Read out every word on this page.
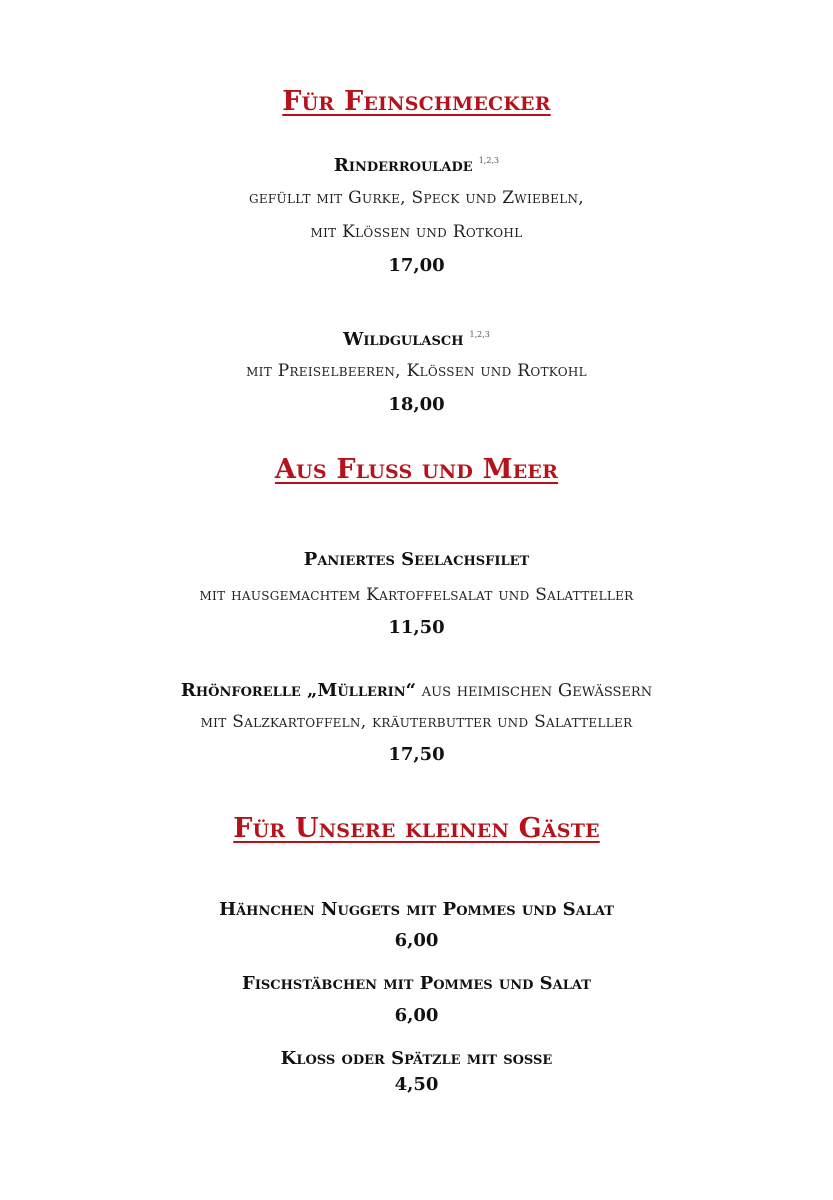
Für Feinschmecker
Rinderroulade $^{1,2,3}$
gefüllt mit Gurke, Speck und Zwiebeln,
mit Klössen und Rotkohl
17,00
Wildgulasch $^{1,2,3}$
mit Preiselbeeren, Klössen und Rotkohl
18,00
Aus Fluss und Meer
Paniertes Seelachsfilet
mit hausgemachtem Kartoffelsalat und Salatteller
11,50
Rhönforelle „Müllerin“ aus heimischen Gewässern
mit Salzkartoffeln, kräuterbutter und Salatteller
17,50
Für Unsere kleinen Gäste
Hähnchen Nuggets mit Pommes und Salat
6,00
Fischstäbchen mit Pommes und Salat
6,00
Kloss oder Spätzle mit sosse
4,50
